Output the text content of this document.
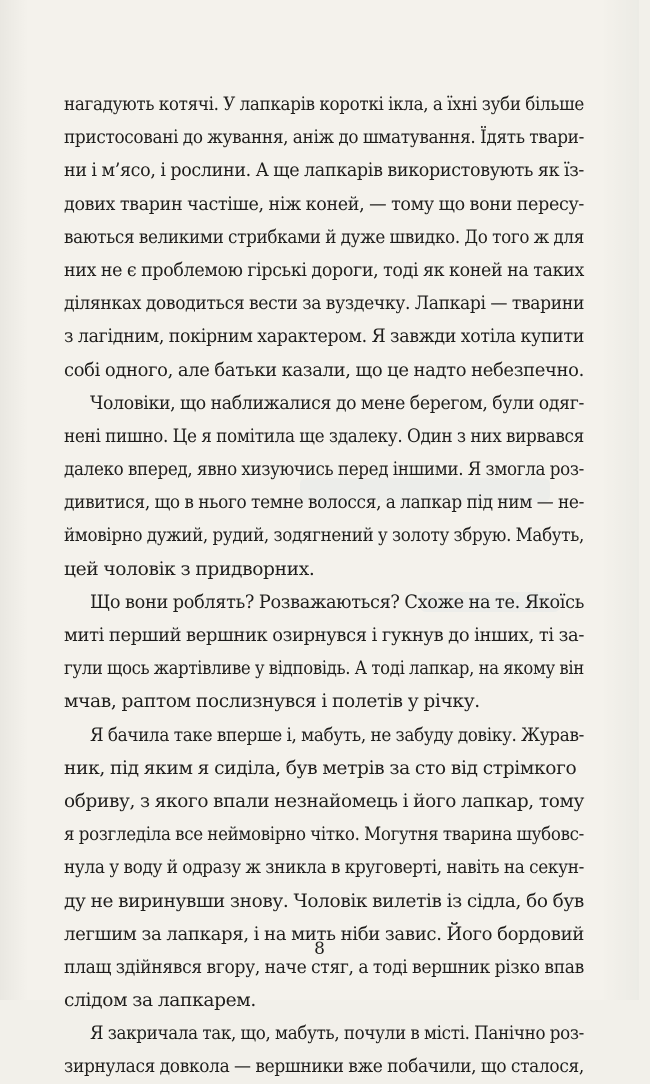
нагадують котячі. У лапкарів короткі ікла, а їхні зуби більше
пристосовані до жування, аніж до шматування. Їдять твари-
ни і м’ясо, і рослини. А ще лапкарів використовують як їз-
дових тварин частіше, ніж коней, — тому що вони пересу-
ваються великими стрибками й дуже швидко. До того ж для
них не є проблемою гірські дороги, тоді як коней на таких
ділянках доводиться вести за вуздечку. Лапкарі — тварини
з лагідним, покірним характером. Я завжди хотіла купити
собі одного, але батьки казали, що це надто небезпечно.
Чоловіки, що наближалися до мене берегом, були одяг-
нені пишно. Це я помітила ще здалеку. Один з них вирвався
далеко вперед, явно хизуючись перед іншими. Я змогла роз-
дивитися, що в нього темне волосся, а лапкар під ним — не-
ймовірно дужий, рудий, зодягнений у золоту збрую. Мабуть,
цей чоловік з придворних.
Що вони роблять? Розважаються? Схоже на те. Якоїсь
миті перший вершник озирнувся і гукнув до інших, ті за-
гули щось жартівливе у відповідь. А тоді лапкар, на якому він
мчав, раптом послизнувся і полетів у річку.
Я бачила таке вперше і, мабуть, не забуду довіку. Журав-
ник, під яким я сиділа, був метрів за сто від стрімкого
обриву, з якого впали незнайомець і його лапкар, тому
я розгледіла все неймовірно чітко. Могутня тварина шубовс-
нула у воду й одразу ж зникла в круговерті, навіть на секун-
ду не виринувши знову. Чоловік вилетів із сідла, бо був
легшим за лапкаря, і на мить ніби завис. Його бордовий
плащ здійнявся вгору, наче стяг, а тоді вершник різко впав
слідом за лапкарем.
Я закричала так, що, мабуть, почули в місті. Панічно роз-
зирнулася довкола — вершники вже побачили, що сталося,
8
